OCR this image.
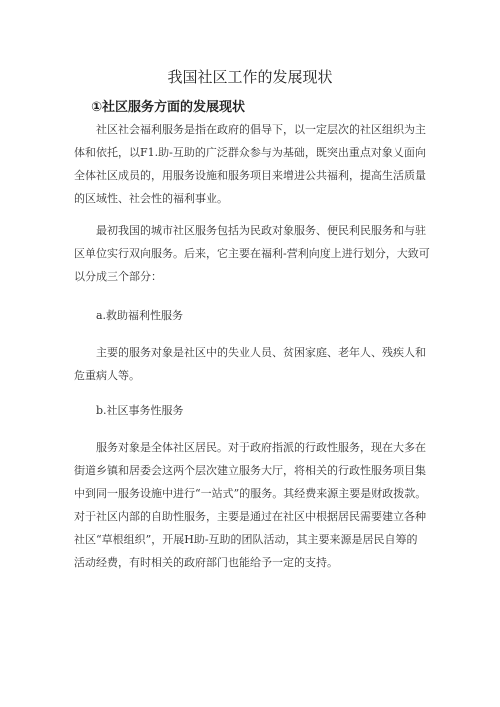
我国社区工作的发展现状
①社区服务方面的发展现状

社区社会福利服务是指在政府的倡导下，以一定层次的社区组织为主
体和依托，以F1.助-互助的广泛群众参与为基础，既突出重点对象乂面向
全体社区成员的，用服务设施和服务项目来增进公共福利，提高生活质量
的区域性、社会性的福利事业。

最初我国的城市社区服务包括为民政对象服务、便民利民服务和与驻
区单位实行双向服务。后来，它主要在福利-营利向度上进行划分，大致可
以分成三个部分：

a.救助福利性服务

主要的服务对象是社区中的失业人员、贫困家庭、老年人、残疾人和
危重病人等。

b.社区事务性服务

服务对象是全体社区居民。对于政府指派的行政性服务，现在大多在
街道乡镇和居委会这两个层次建立服务大厅，将相关的行政性服务项目集
中到同一服务设施中进行“一站式”的服务。其经费来源主要是财政拨款。
对于社区内部的自助性服务，主要是通过在社区中根据居民需要建立各种
社区“草根组织”，开展H助-互助的团队活动，其主要来源是居民自筹的
活动经费，有时相关的政府部门也能给予一定的支持。
